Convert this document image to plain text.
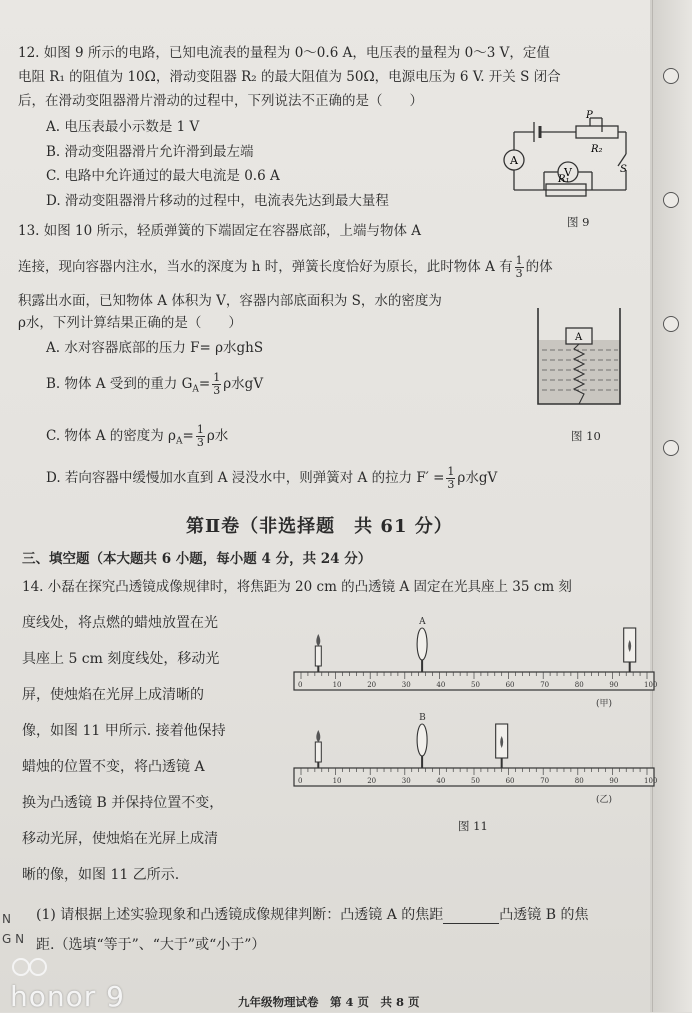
12. 如图 9 所示的电路，已知电流表的量程为 0～0.6 A，电压表的量程为 0～3 V，定值
电阻 R₁ 的阻值为 10Ω，滑动变阻器 R₂ 的最大阻值为 50Ω，电源电压为 6 V. 开关 S 闭合
后，在滑动变阻器滑片滑动的过程中，下列说法不正确的是（　　）
A. 电压表最小示数是 1 V
B. 滑动变阻器滑片允许滑到最左端
C. 电路中允许通过的最大电流是 0.6 A
D. 滑动变阻器滑片移动的过程中，电流表先达到最大量程
P
R₂
A
V
R₁
S
图 9
13. 如图 10 所示，轻质弹簧的下端固定在容器底部，上端与物体 A
连接，现向容器内注水，当水的深度为 h 时，弹簧长度恰好为原长，此时物体 A 有 $\frac{1}{3}$ 的体
积露出水面，已知物体 A 体积为 V，容器内部底面积为 S，水的密度为
ρ水，下列计算结果正确的是（　　）
A. 水对容器底部的压力 F= ρ水ghS
B. 物体 A 受到的重力 $G_A= \frac{1}{3}$ ρ水gV
C. 物体 A 的密度为 $\rho_A= \frac{1}{3}$ ρ水
D. 若向容器中缓慢加水直到 A 浸没水中，则弹簧对 A 的拉力 $F' = \frac{1}{3}$ ρ水gV
A
图 10
第Ⅱ卷（非选择题　共 61 分）
三、填空题（本大题共 6 小题，每小题 4 分，共 24 分）
14. 小磊在探究凸透镜成像规律时，将焦距为 20 cm 的凸透镜 A 固定在光具座上 35 cm 刻
度线处，将点燃的蜡烛放置在光
具座上 5 cm 刻度线处，移动光
屏，使烛焰在光屏上成清晰的
像，如图 11 甲所示. 接着他保持
蜡烛的位置不变，将凸透镜 A
换为凸透镜 B 并保持位置不变，
移动光屏，使烛焰在光屏上成清
晰的像，如图 11 乙所示.
0	10	20	30	40	50	60	70	80	90	100
A
(甲)
0	10	20	30	40	50	60	70	80	90	100
B
(乙)
图 11
(1) 请根据上述实验现象和凸透镜成像规律判断：凸透镜 A 的焦距	凸透镜 B 的焦
距.（选填“等于”、“大于”或“小于”）
九年级物理试卷　第 4 页　共 8 页
N
G N
honor 9
